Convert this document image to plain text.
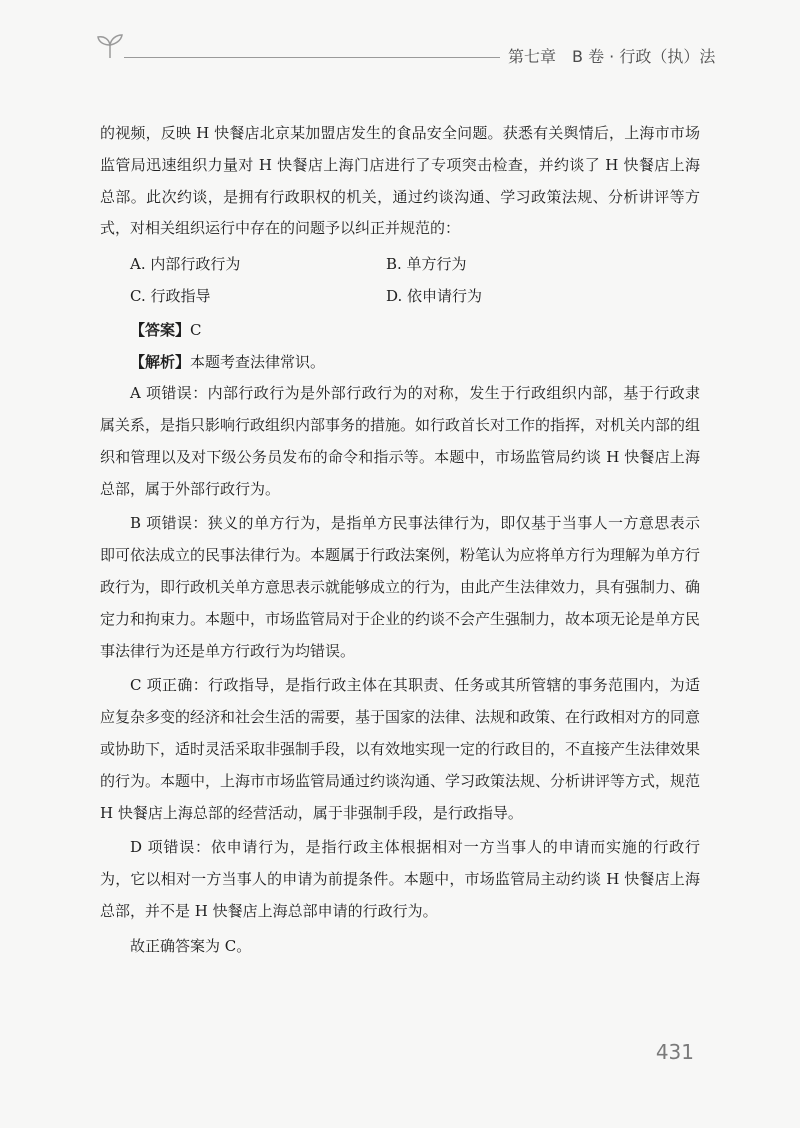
第七章　B 卷 · 行政（执）法

的视频，反映 H 快餐店北京某加盟店发生的食品安全问题。获悉有关舆情后，上海市市场监管局迅速组织力量对 H 快餐店上海门店进行了专项突击检查，并约谈了 H 快餐店上海总部。此次约谈，是拥有行政职权的机关，通过约谈沟通、学习政策法规、分析讲评等方式，对相关组织运行中存在的问题予以纠正并规范的：

A. 内部行政行为	B. 单方行为
C. 行政指导	D. 依申请行为
【答案】C
【解析】本题考查法律常识。

A 项错误：内部行政行为是外部行政行为的对称，发生于行政组织内部，基于行政隶属关系，是指只影响行政组织内部事务的措施。如行政首长对工作的指挥，对机关内部的组织和管理以及对下级公务员发布的命令和指示等。本题中，市场监管局约谈 H 快餐店上海总部，属于外部行政行为。

B 项错误：狭义的单方行为，是指单方民事法律行为，即仅基于当事人一方意思表示即可依法成立的民事法律行为。本题属于行政法案例，粉笔认为应将单方行为理解为单方行政行为，即行政机关单方意思表示就能够成立的行为，由此产生法律效力，具有强制力、确定力和拘束力。本题中，市场监管局对于企业的约谈不会产生强制力，故本项无论是单方民事法律行为还是单方行政行为均错误。

C 项正确：行政指导，是指行政主体在其职责、任务或其所管辖的事务范围内，为适应复杂多变的经济和社会生活的需要，基于国家的法律、法规和政策、在行政相对方的同意或协助下，适时灵活采取非强制手段，以有效地实现一定的行政目的，不直接产生法律效果的行为。本题中，上海市市场监管局通过约谈沟通、学习政策法规、分析讲评等方式，规范 H 快餐店上海总部的经营活动，属于非强制手段，是行政指导。

D 项错误：依申请行为，是指行政主体根据相对一方当事人的申请而实施的行政行为，它以相对一方当事人的申请为前提条件。本题中，市场监管局主动约谈 H 快餐店上海总部，并不是 H 快餐店上海总部申请的行政行为。

故正确答案为 C。

431
